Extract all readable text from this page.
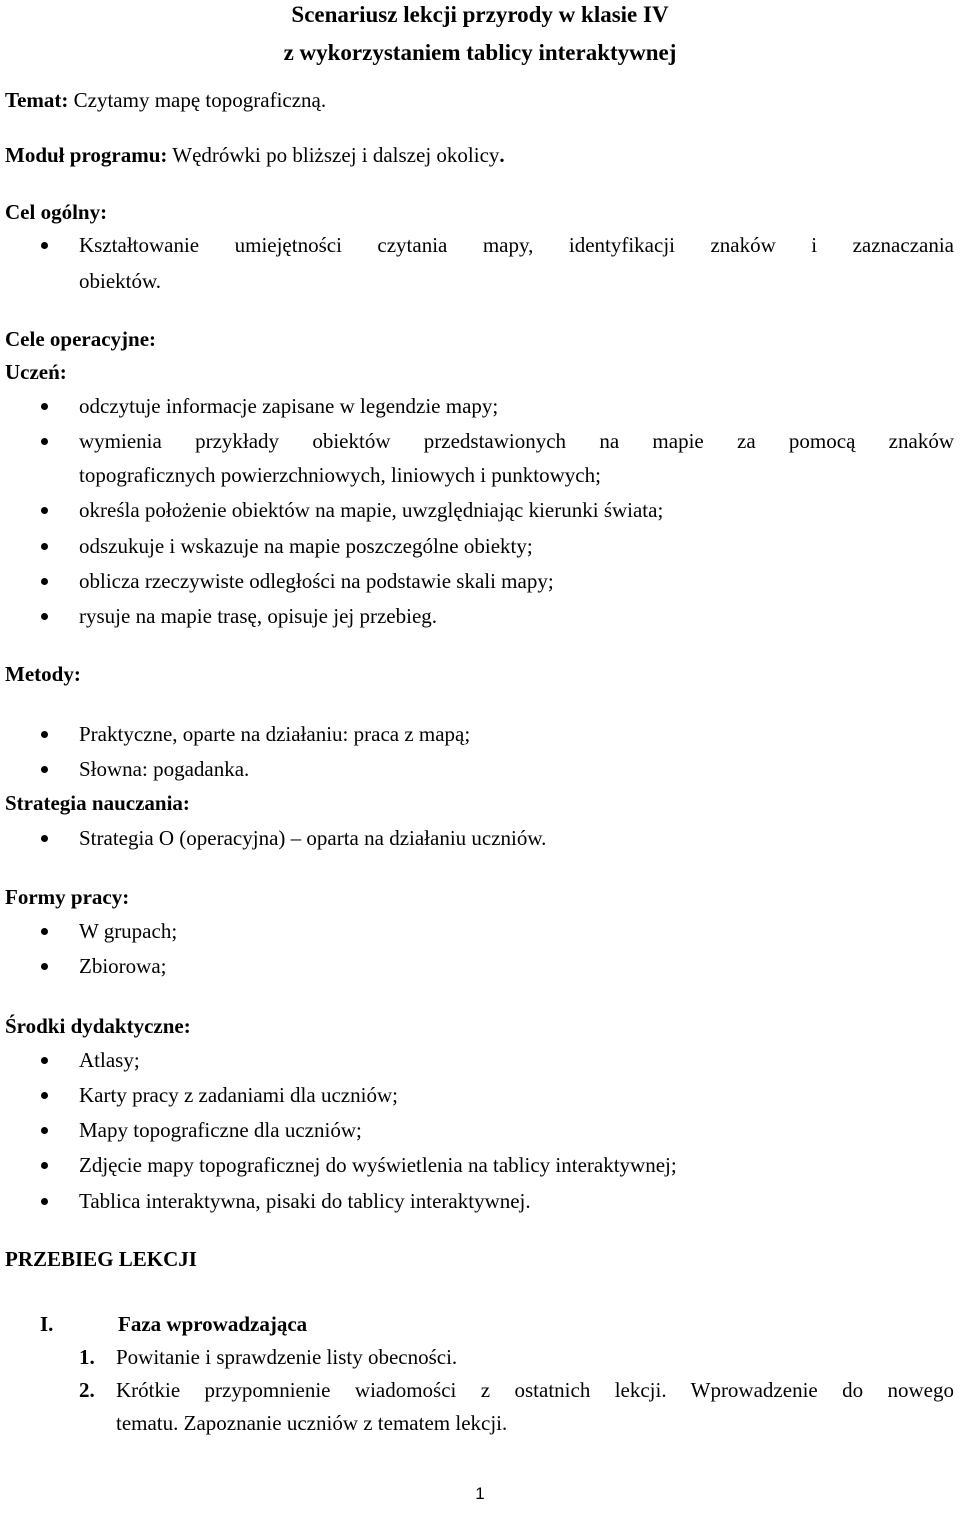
Scenariusz lekcji przyrody w klasie IV
z wykorzystaniem tablicy interaktywnej
Temat: Czytamy mapę topograficzną.
Moduł programu: Wędrówki po bliższej i dalszej okolicy.
Cel ogólny:
Kształtowanie umiejętności czytania mapy, identyfikacji znaków i zaznaczania
obiektów.
Cele operacyjne:
Uczeń:
odczytuje informacje zapisane w legendzie mapy;
wymienia przykłady obiektów przedstawionych na mapie za pomocą znaków
topograficznych powierzchniowych, liniowych i punktowych;
określa położenie obiektów na mapie, uwzględniając kierunki świata;
odszukuje i wskazuje na mapie poszczególne obiekty;
oblicza rzeczywiste odległości na podstawie skali mapy;
rysuje na mapie trasę, opisuje jej przebieg.
Metody:
Praktyczne, oparte na działaniu: praca z mapą;
Słowna: pogadanka.
Strategia nauczania:
Strategia O (operacyjna) – oparta na działaniu uczniów.
Formy pracy:
W grupach;
Zbiorowa;
Środki dydaktyczne:
Atlasy;
Karty pracy z zadaniami dla uczniów;
Mapy topograficzne dla uczniów;
Zdjęcie mapy topograficznej do wyświetlenia na tablicy interaktywnej;
Tablica interaktywna, pisaki do tablicy interaktywnej.
PRZEBIEG LEKCJI
I.	Faza wprowadzająca
1. Powitanie i sprawdzenie listy obecności.
2. Krótkie przypomnienie wiadomości z ostatnich lekcji. Wprowadzenie do nowego
tematu. Zapoznanie uczniów z tematem lekcji.
1
